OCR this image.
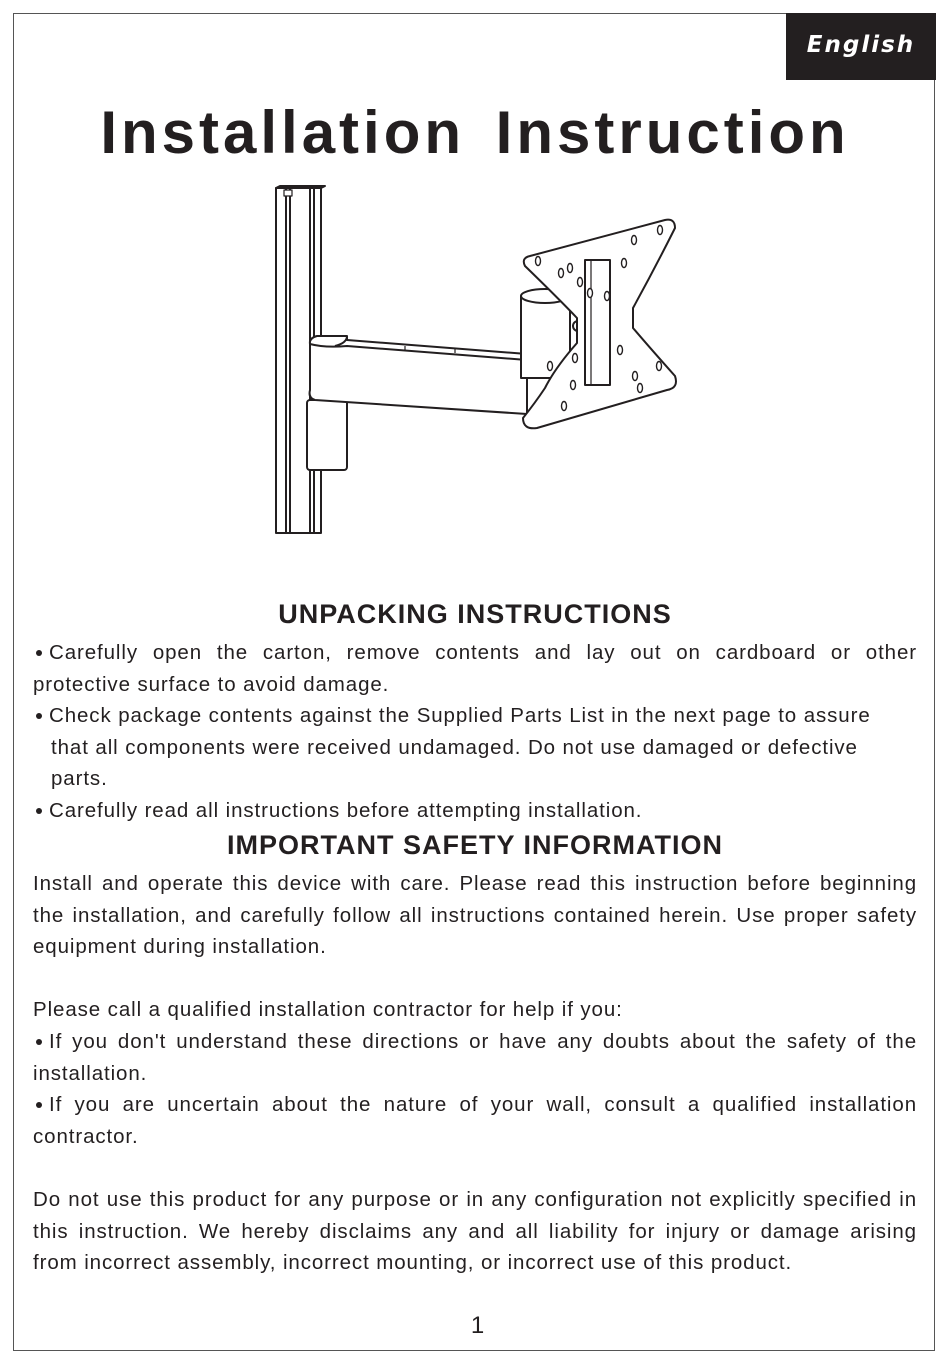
English
Installation Instruction
UNPACKING INSTRUCTIONS

Carefully open the carton, remove contents and lay out on cardboard or other protective surface to avoid damage.

Check package contents against the Supplied Parts List in the next page to assure

that all components were received undamaged. Do not use damaged or defective

parts.

Carefully read all instructions before attempting installation.

IMPORTANT SAFETY INFORMATION

Install and operate this device with care. Please read this instruction before beginning the installation, and carefully follow all instructions contained herein. Use proper safety equipment during installation.

Please call a qualified installation contractor for help if you:

If you don't understand these directions or have any doubts about the safety of the installation.

If you are uncertain about the nature of your wall, consult a qualified installation contractor.

Do not use this product for any purpose or in any configuration not explicitly specified in this instruction. We hereby disclaims any and all liability for injury or damage arising from incorrect assembly, incorrect mounting, or incorrect use of this product.

1
